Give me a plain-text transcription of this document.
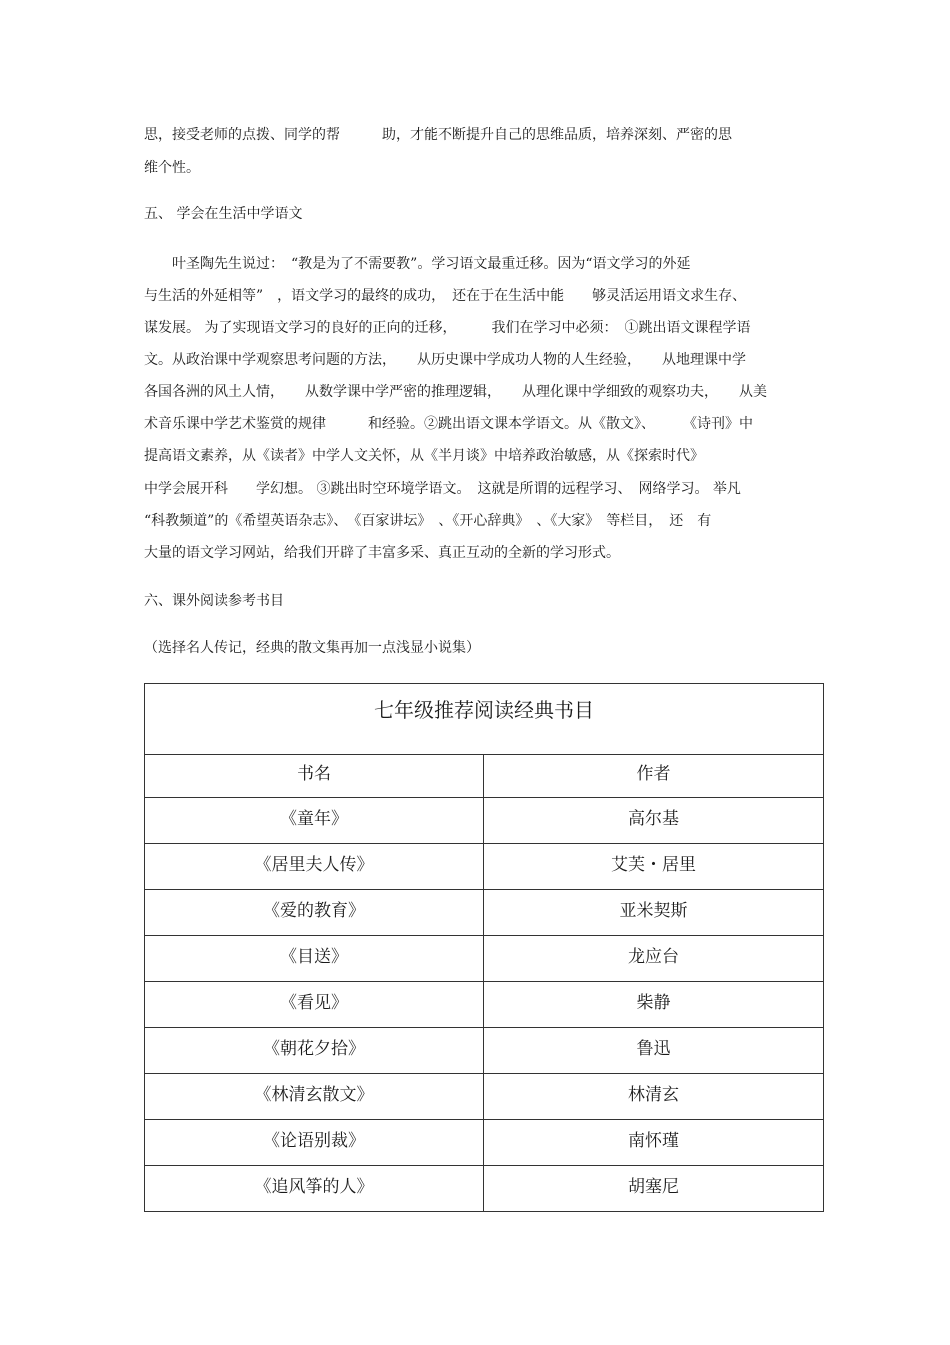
思，接受老师的点拨、同学的帮　　　助，才能不断提升自己的思维品质，培养深刻、严密的思

维个性。

五、 学会在生活中学语文

　　叶圣陶先生说过：　“教是为了不需要教”。学习语文最重迁移。因为“语文学习的外延

与生活的外延相等”　，语文学习的最终的成功，　还在于在生活中能　　够灵活运用语文求生存、

谋发展。 为了实现语文学习的良好的正向的迁移，　　　我们在学习中必须：　①跳出语文课程学语

文。从政治课中学观察思考问题的方法，　　从历史课中学成功人物的人生经验，　　从地理课中学

各国各洲的风土人情，　　从数学课中学严密的推理逻辑，　　从理化课中学细致的观察功夫，　　从美

术音乐课中学艺术鉴赏的规律　　　和经验。②跳出语文课本学语文。从《散文》、　　　《诗刊》中

提高语文素养，从《读者》中学人文关怀，从《半月谈》中培养政治敏感，从《探索时代》

中学会展开科　　学幻想。 ③跳出时空环境学语文。　这就是所谓的远程学习、　网络学习。 举凡

“科教频道”的《希望英语杂志》、　《百家讲坛》　、《开心辞典》　、《大家》　等栏目，　还　有

大量的语文学习网站，给我们开辟了丰富多采、真正互动的全新的学习形式。

六、课外阅读参考书目

（选择名人传记，经典的散文集再加一点浅显小说集）

七年级推荐阅读经典书目	
书名	作者
《童年》	高尔基
《居里夫人传》	艾芙・居里
《爱的教育》	亚米契斯
《目送》	龙应台
《看见》	柴静
《朝花夕拾》	鲁迅
《林清玄散文》	林清玄
《论语别裁》	南怀瑾
《追风筝的人》	胡塞尼
